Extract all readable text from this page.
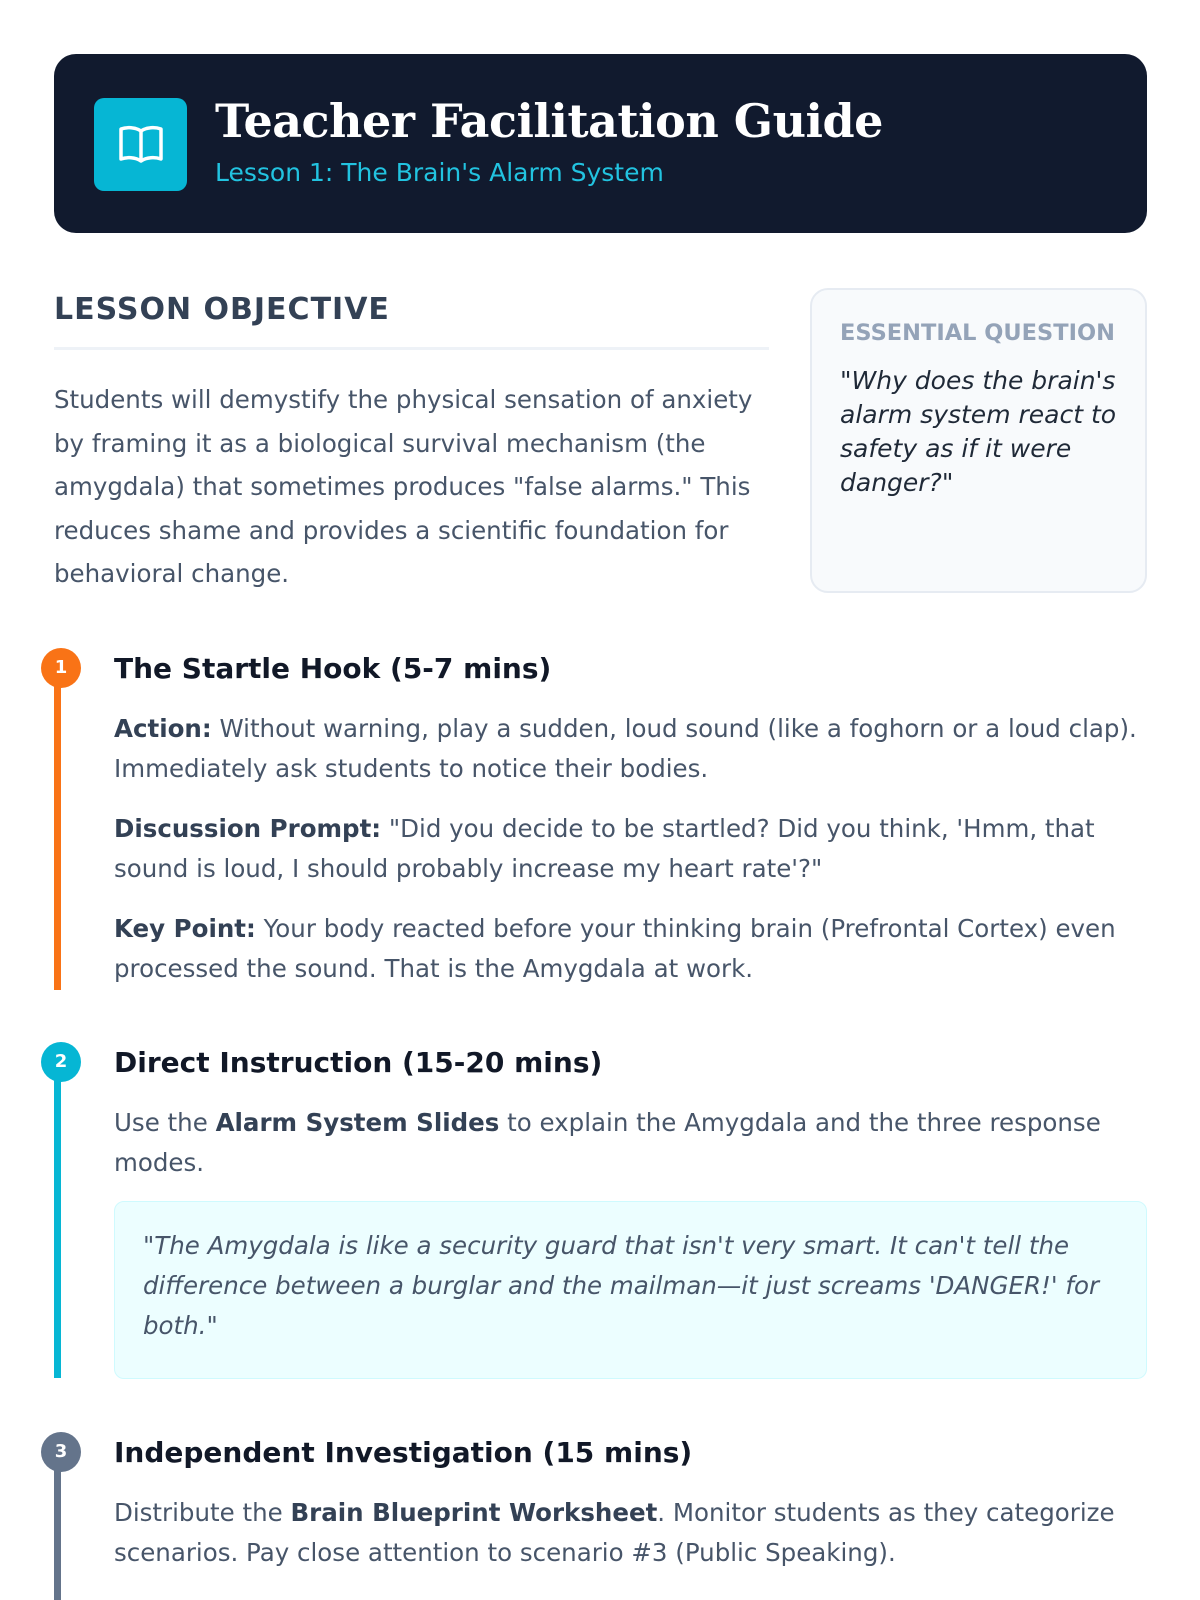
Teacher Facilitation Guide
Lesson 1: The Brain's Alarm System
LESSON OBJECTIVE
Students will demystify the physical sensation of anxiety by framing it as a biological survival mechanism (the amygdala) that sometimes produces "false alarms." This reduces shame and provides a scientific foundation for behavioral change.
ESSENTIAL QUESTION
"Why does the brain's alarm system react to safety as if it were danger?"
1	The Startle Hook (5-7 mins)
Action: Without warning, play a sudden, loud sound (like a foghorn or a loud clap). Immediately ask students to notice their bodies.
Discussion Prompt: "Did you decide to be startled? Did you think, 'Hmm, that sound is loud, I should probably increase my heart rate'?"
Key Point: Your body reacted before your thinking brain (Prefrontal Cortex) even processed the sound. That is the Amygdala at work.
2	Direct Instruction (15-20 mins)
Use the Alarm System Slides to explain the Amygdala and the three response modes.
"The Amygdala is like a security guard that isn't very smart. It can't tell the difference between a burglar and the mailman—it just screams 'DANGER!' for both."
3	Independent Investigation (15 mins)
Distribute the Brain Blueprint Worksheet. Monitor students as they categorize scenarios. Pay close attention to scenario #3 (Public Speaking).
